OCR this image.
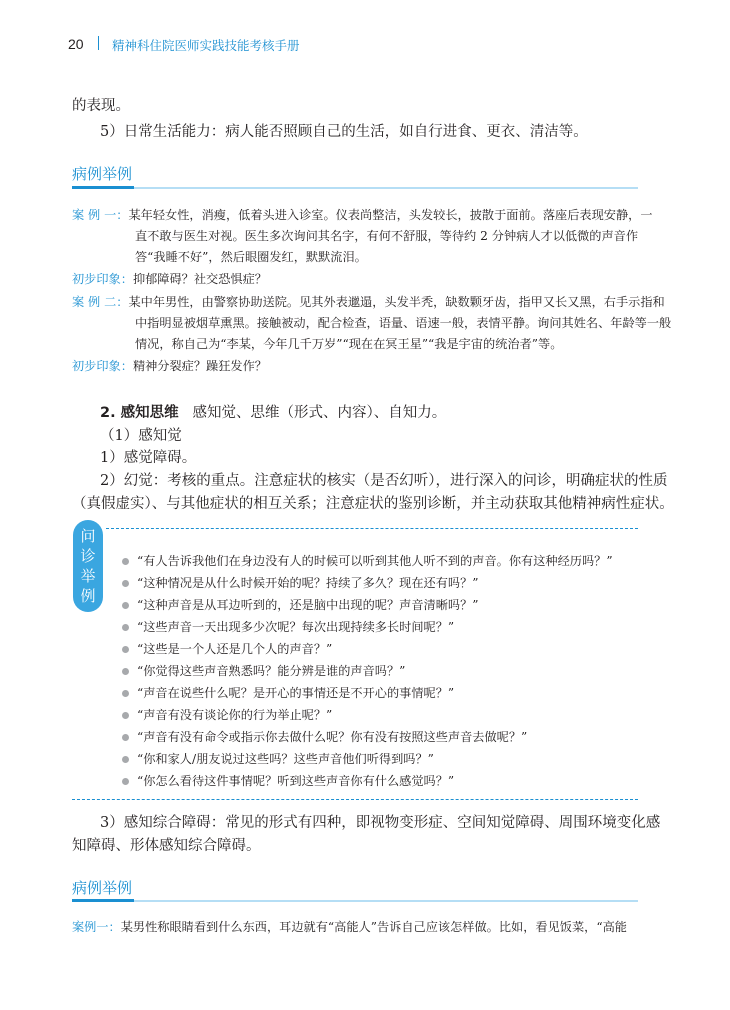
20 精神科住院医师实践技能考核手册
的表现。
5）日常生活能力：病人能否照顾自己的生活，如自行进食、更衣、清洁等。
病例举例
案 例 一：某年轻女性，消瘦，低着头进入诊室。仪表尚整洁，头发较长，披散于面前。落座后表现安静，一
直不敢与医生对视。医生多次询问其名字，有何不舒服，等待约 2 分钟病人才以低微的声音作
答“我睡不好”，然后眼圈发红，默默流泪。
初步印象：抑郁障碍？社交恐惧症？
案 例 二：某中年男性，由警察协助送院。见其外表邋遢，头发半秃，缺数颗牙齿，指甲又长又黑，右手示指和
中指明显被烟草熏黑。接触被动，配合检查，语量、语速一般，表情平静。询问其姓名、年龄等一般
情况，称自己为“李某，今年几千万岁”“现在在冥王星”“我是宇宙的统治者”等。
初步印象：精神分裂症？躁狂发作？
2. 感知思维 感知觉、思维（形式、内容）、自知力。
（1）感知觉
1）感觉障碍。
2）幻觉：考核的重点。注意症状的核实（是否幻听），进行深入的问诊，明确症状的性质
（真假虚实）、与其他症状的相互关系；注意症状的鉴别诊断，并主动获取其他精神病性症状。
问
诊
举
例
“有人告诉我他们在身边没有人的时候可以听到其他人听不到的声音。你有这种经历吗？”
“这种情况是从什么时候开始的呢？持续了多久？现在还有吗？”
“这种声音是从耳边听到的，还是脑中出现的呢？声音清晰吗？”
“这些声音一天出现多少次呢？每次出现持续多长时间呢？”
“这些是一个人还是几个人的声音？”
“你觉得这些声音熟悉吗？能分辨是谁的声音吗？”
“声音在说些什么呢？是开心的事情还是不开心的事情呢？”
“声音有没有谈论你的行为举止呢？”
“声音有没有命令或指示你去做什么呢？你有没有按照这些声音去做呢？”
“你和家人/朋友说过这些吗？这些声音他们听得到吗？”
“你怎么看待这件事情呢？听到这些声音你有什么感觉吗？”
3）感知综合障碍：常见的形式有四种，即视物变形症、空间知觉障碍、周围环境变化感
知障碍、形体感知综合障碍。
病例举例
案例一：某男性称眼睛看到什么东西，耳边就有“高能人”告诉自己应该怎样做。比如，看见饭菜，“高能
